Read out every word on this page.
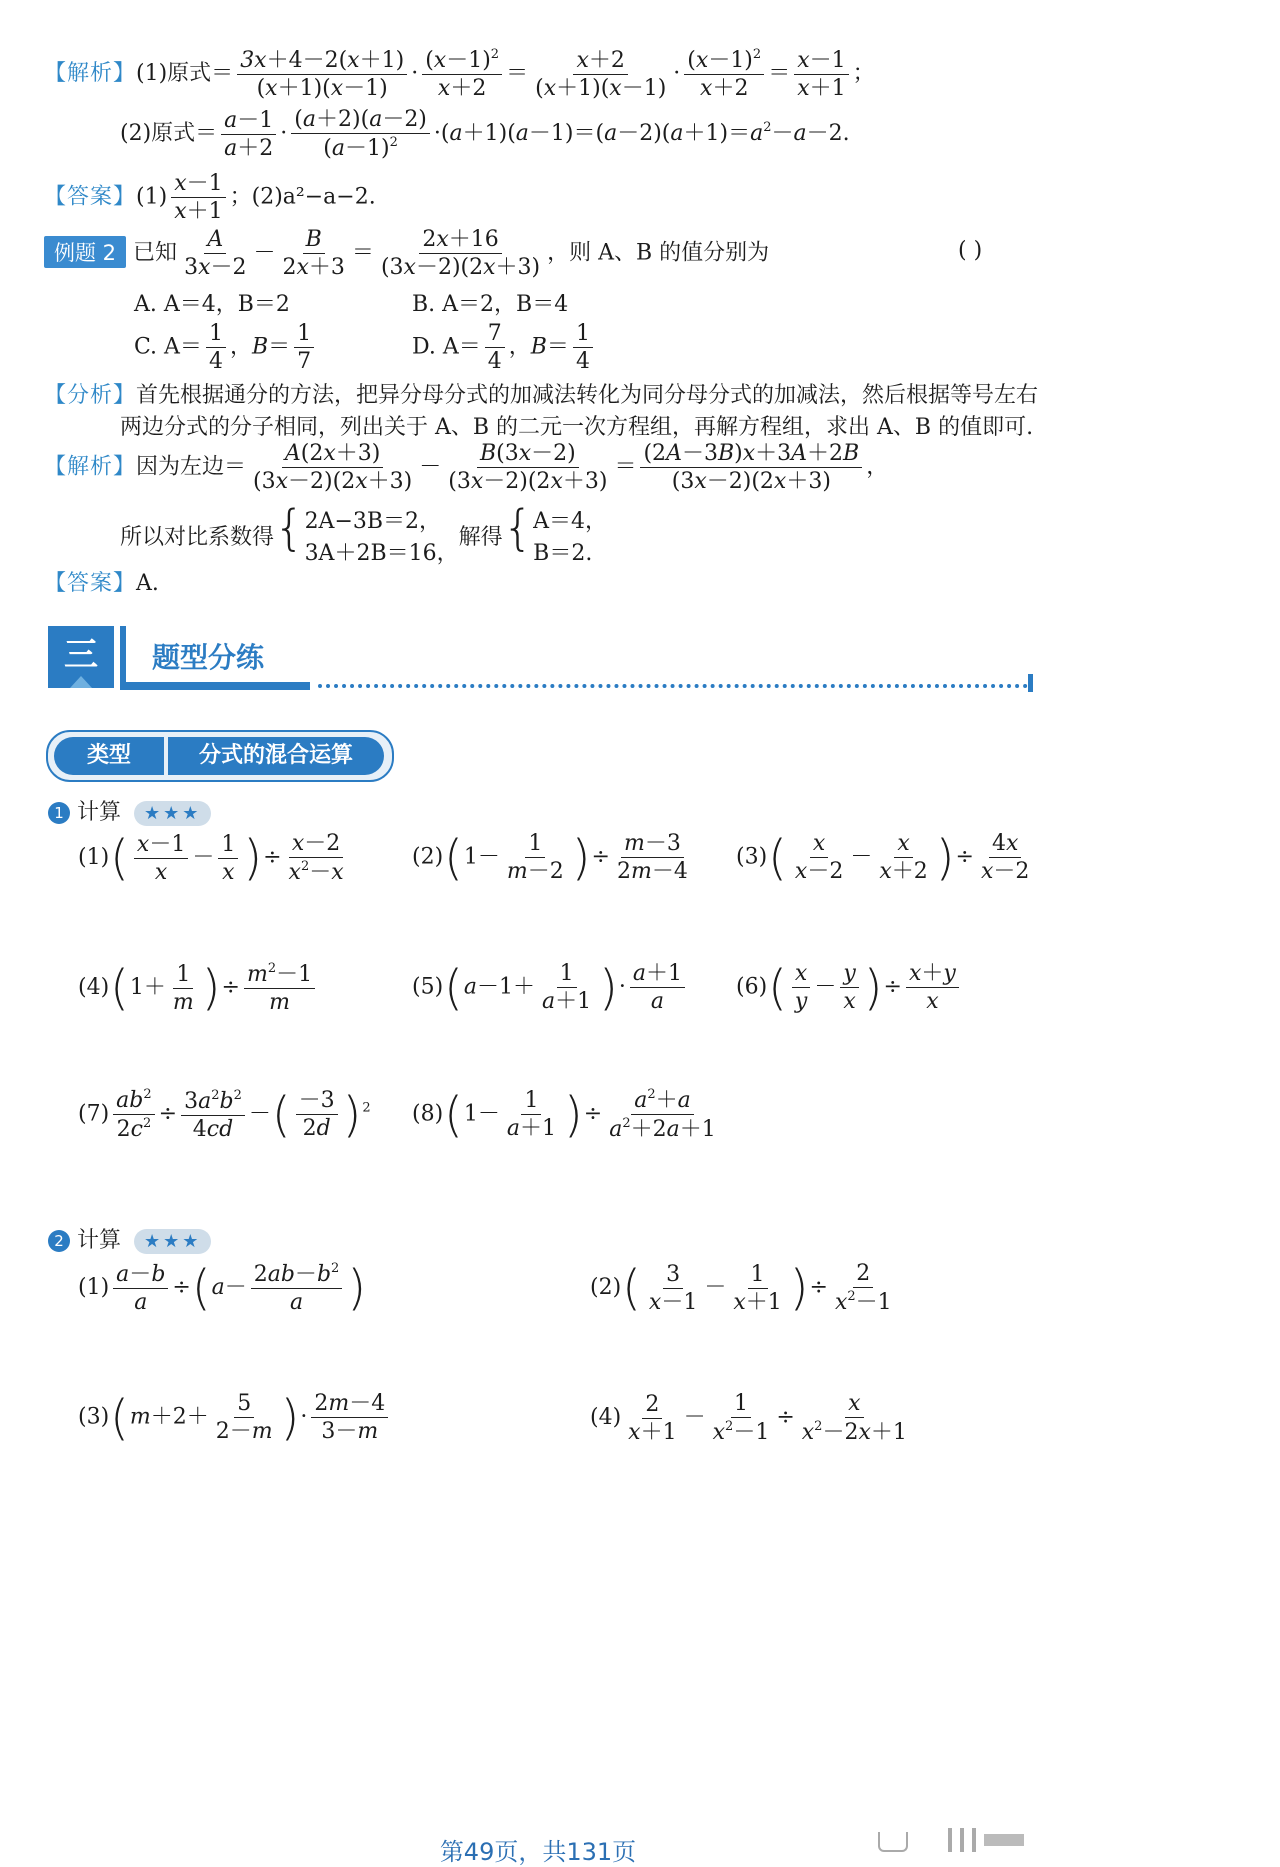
【解析】(1)原式＝ $\frac{3x+4-2(x+1)}{(x+1)(x-1)} \cdot \frac{(x-1)^2}{x+2} = \frac{x+2}{(x+1)(x-1)} \cdot \frac{(x-1)^2}{x+2} = \frac{x-1}{x+1}$ ；
(2)原式＝ $\frac{a-1}{a+2} \cdot \frac{(a+2)(a-2)}{(a-1)^2} \cdot(a+1)(a-1)=(a-2)(a+1)=a^2-a-2$.
【答案】$(1) \frac{x-1}{x+1}$ ；(2)a²−a−2.
例题 2 已知 $\frac{A}{3x-2} - \frac{B}{2x+3} = \frac{2x+16}{(3x-2)(2x+3)}$ ，则 A、B 的值分别为	( )
A. A＝4，B＝2	B. A＝2，B＝4
C. $A= \frac{1}{4}$ ，$B= \frac{1}{7}$	D. $A= \frac{7}{4}$ ，$B= \frac{1}{4}$
【分析】首先根据通分的方法，把异分母分式的加减法转化为同分母分式的加减法，然后根据等号左右
两边分式的分子相同，列出关于 A、B 的二元一次方程组，再解方程组，求出 A、B 的值即可.
【解析】因为左边＝ $\frac{A(2x+3)}{(3x-2)(2x+3)} - \frac{B(3x-2)}{(3x-2)(2x+3)} = \frac{(2A-3B)x+3A+2B}{(3x-2)(2x+3)}$ ，
所以对比系数得{ 2A−3B＝2，
3A＋2B＝16，
解得{ A＝4，
B＝2.
【答案】A.
三	题型分练
类型	分式的混合运算
1 计算 ★★★
$(1)( \frac{x-1}{x} - \frac{1}{x}$ )÷ $\frac{x-2}{x^2-x}$	$(2)(1- \frac{1}{m-2}$ )÷ $\frac{m-3}{2m-4} (3)( \frac{x}{x-2} - \frac{x}{x+2}$ )÷ $\frac{4x}{x-2}$
$(4)(1+ \frac{1}{m}$ )÷ $\frac{m^2-1}{m}$	$(5)(a-1+ \frac{1}{a+1}$ )· $\frac{a+1}{a} (6)( \frac{x}{y} - \frac{y}{x}$ )÷ $\frac{x+y}{x}$
$(7) \frac{ab^2}{2c^2} \div \frac{3a^2b^2}{4cd}$ －( $\frac{-3}{2d} )^2$ $(8)(1- \frac{1}{a+1}$ )÷ $\frac{a^2+a}{a^2+2a+1}$
2 计算 ★★★
$(1) \frac{a-b}{a} \div(a- \frac{2ab-b^2}{a}$ )	$(2)( \frac{3}{x-1} - \frac{1}{x+1}$ )÷ $\frac{2}{x^2-1}$
$(3)(m+2+ \frac{5}{2-m}$ )· $\frac{2m-4}{3-m}$	$(4) \frac{2}{x+1} - \frac{1}{x^2-1} \div \frac{x}{x^2-2x+1}$
第49页，共131页
